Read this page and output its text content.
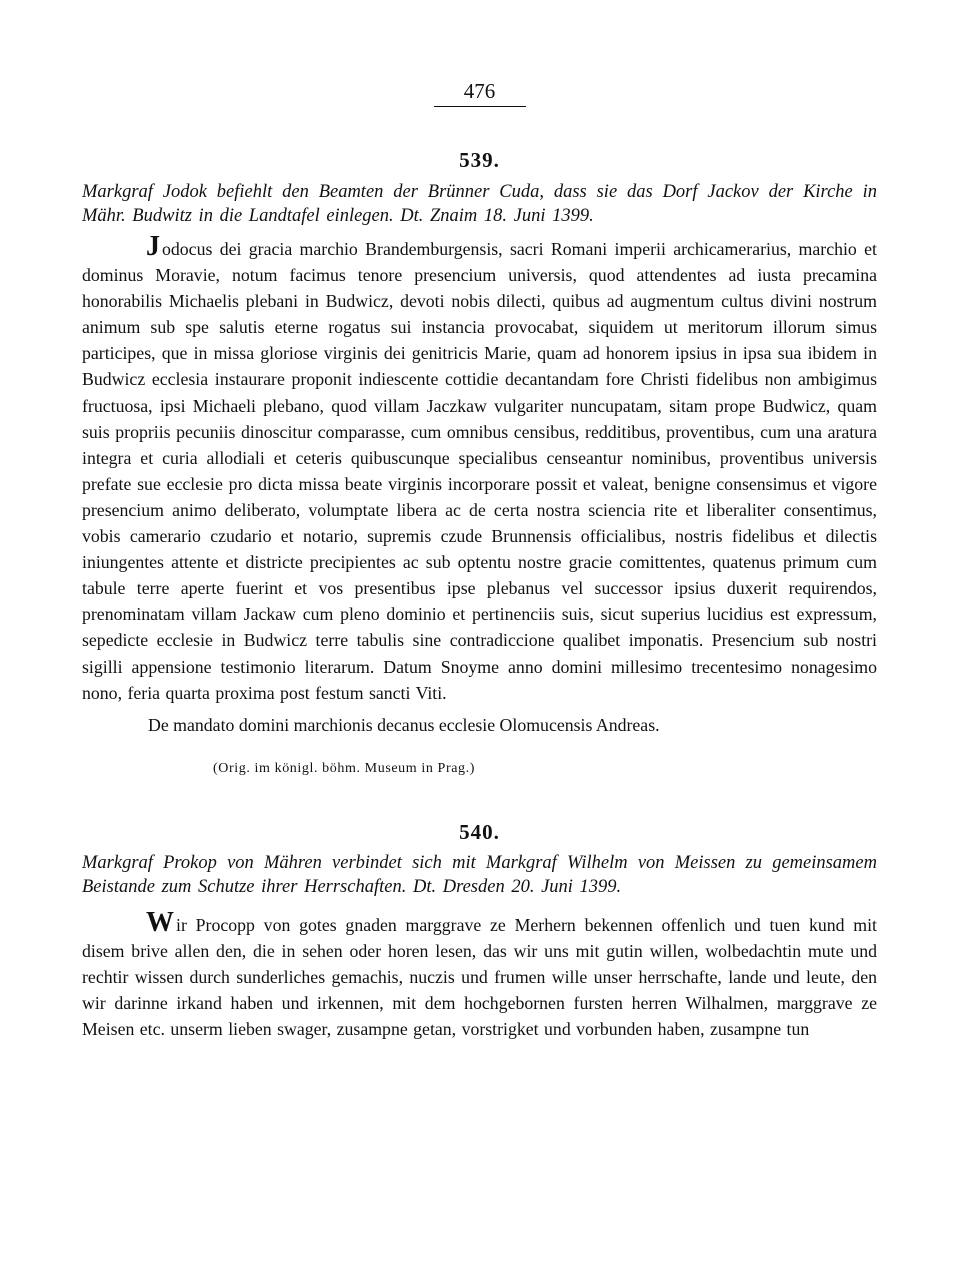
476
539.
Markgraf Jodok befiehlt den Beamten der Brünner Cuda, dass sie das Dorf Jackov der Kirche in Mähr. Budwitz in die Landtafel einlegen. Dt. Znaim 18. Juni 1399.

Jodocus dei gracia marchio Brandemburgensis, sacri Romani imperii archicamerarius, marchio et dominus Moravie, notum facimus tenore presencium universis, quod attendentes ad iusta precamina honorabilis Michaelis plebani in Budwicz, devoti nobis dilecti, quibus ad augmentum cultus divini nostrum animum sub spe salutis eterne rogatus sui instancia provocabat, siquidem ut meritorum illorum simus participes, que in missa gloriose virginis dei genitricis Marie, quam ad honorem ipsius in ipsa sua ibidem in Budwicz ecclesia instaurare proponit indiescente cottidie decantandam fore Christi fidelibus non ambigimus fructuosa, ipsi Michaeli plebano, quod villam Jaczkaw vulgariter nuncupatam, sitam prope Budwicz, quam suis propriis pecuniis dinoscitur comparasse, cum omnibus censibus, redditibus, proventibus, cum una aratura integra et curia allodiali et ceteris quibuscunque specialibus censeantur nominibus, proventibus universis prefate sue ecclesie pro dicta missa beate virginis incorporare possit et valeat, benigne consensimus et vigore presencium animo deliberato, volumptate libera ac de certa nostra sciencia rite et liberaliter consentimus, vobis camerario czudario et notario, supremis czude Brunnensis officialibus, nostris fidelibus et dilectis iniungentes attente et districte precipientes ac sub optentu nostre gracie comittentes, quatenus primum cum tabule terre aperte fuerint et vos presentibus ipse plebanus vel successor ipsius duxerit requirendos, prenominatam villam Jackaw cum pleno dominio et pertinenciis suis, sicut superius lucidius est expressum, sepedicte ecclesie in Budwicz terre tabulis sine contradiccione qualibet imponatis. Presencium sub nostri sigilli appensione testimonio literarum. Datum Snoyme anno domini millesimo trecentesimo nonagesimo nono, feria quarta proxima post festum sancti Viti.

De mandato domini marchionis decanus ecclesie Olomucensis Andreas.
(Orig. im königl. böhm. Museum in Prag.)
540.
Markgraf Prokop von Mähren verbindet sich mit Markgraf Wilhelm von Meissen zu gemeinsamem Beistande zum Schutze ihrer Herrschaften. Dt. Dresden 20. Juni 1399.

Wir Procopp von gotes gnaden marggrave ze Merhern bekennen offenlich und tuen kund mit disem brive allen den, die in sehen oder horen lesen, das wir uns mit gutin willen, wolbedachtin mute und rechtir wissen durch sunderliches gemachis, nuczis und frumen wille unser herrschafte, lande und leute, den wir darinne irkand haben und irkennen, mit dem hochgebornen fursten herren Wilhalmen, marggrave ze Meisen etc. unserm lieben swager, zusampne getan, vorstrigket und vorbunden haben, zusampne tun
